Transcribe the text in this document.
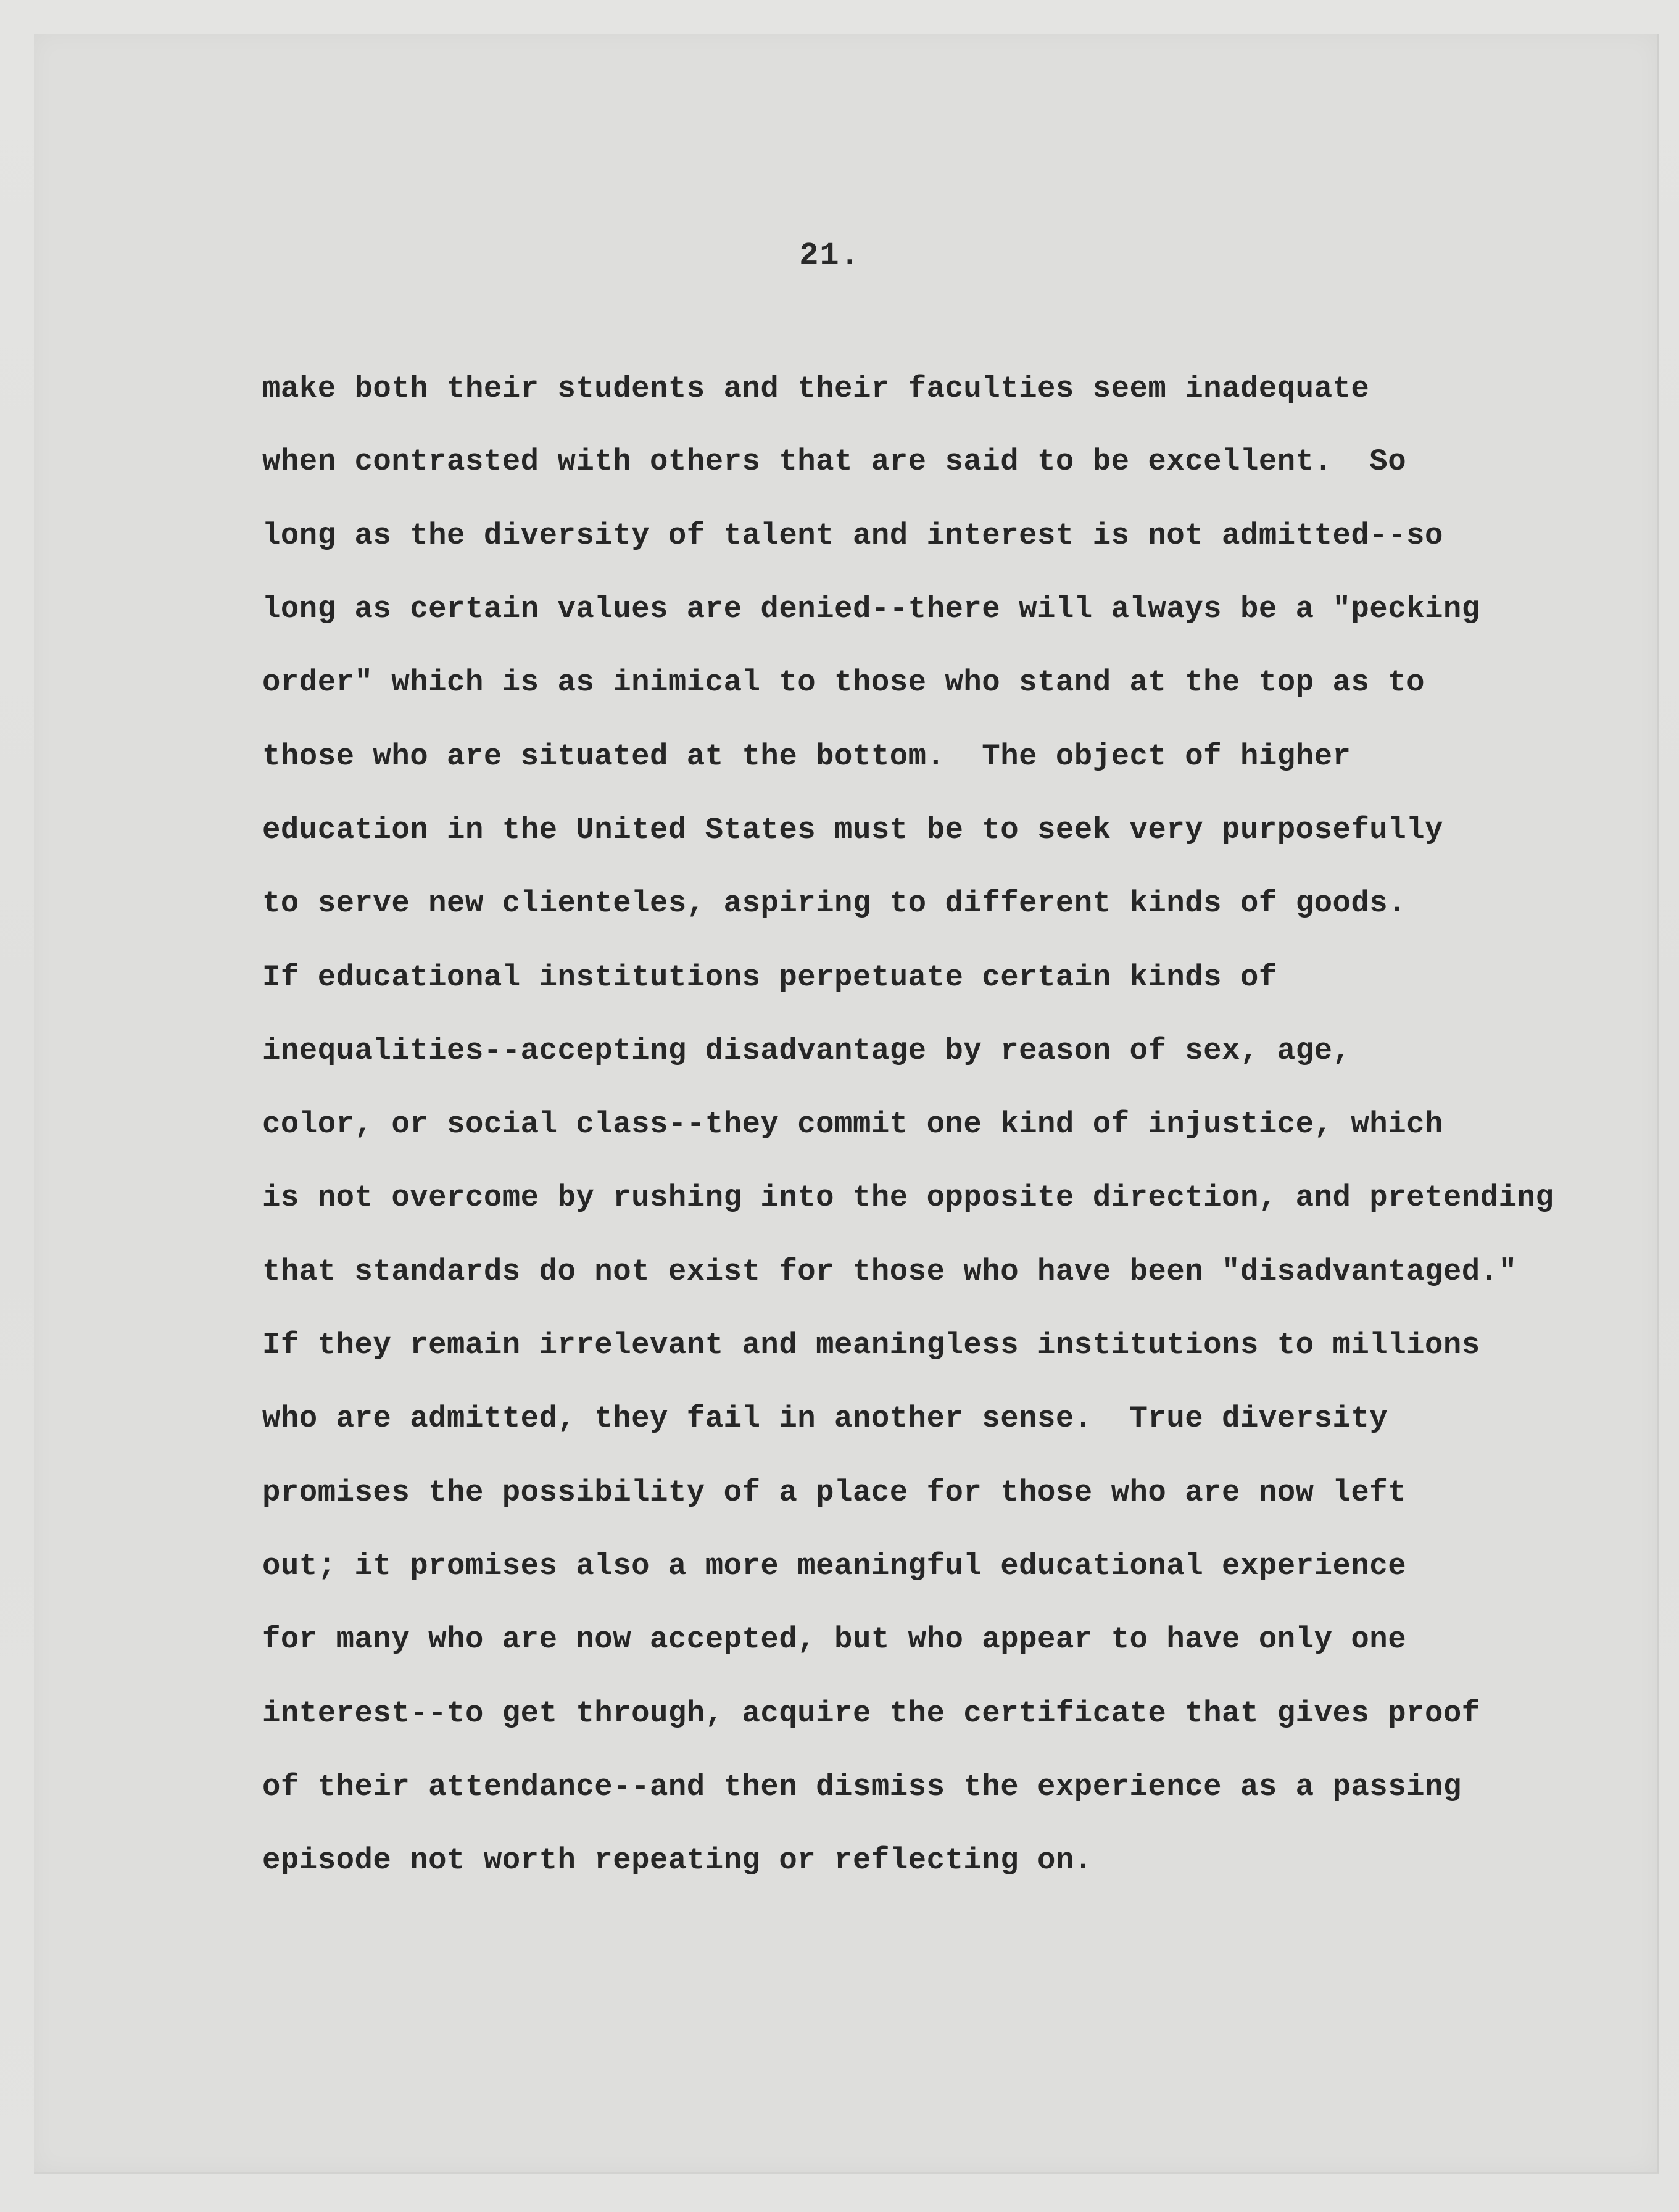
21.
make both their students and their faculties seem inadequate
when contrasted with others that are said to be excellent.  So
long as the diversity of talent and interest is not admitted--so
long as certain values are denied--there will always be a "pecking
order" which is as inimical to those who stand at the top as to
those who are situated at the bottom.  The object of higher
education in the United States must be to seek very purposefully
to serve new clienteles, aspiring to different kinds of goods.
If educational institutions perpetuate certain kinds of
inequalities--accepting disadvantage by reason of sex, age,
color, or social class--they commit one kind of injustice, which
is not overcome by rushing into the opposite direction, and pretending
that standards do not exist for those who have been "disadvantaged."
If they remain irrelevant and meaningless institutions to millions
who are admitted, they fail in another sense.  True diversity
promises the possibility of a place for those who are now left
out; it promises also a more meaningful educational experience
for many who are now accepted, but who appear to have only one
interest--to get through, acquire the certificate that gives proof
of their attendance--and then dismiss the experience as a passing
episode not worth repeating or reflecting on.
